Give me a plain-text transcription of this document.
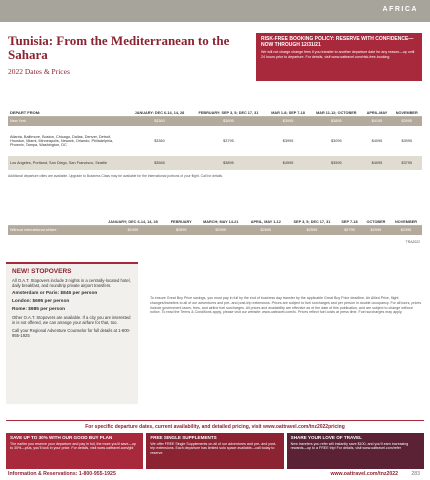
AFRICA
Tunisia: From the Mediterranean to the Sahara
2022 Dates & Prices
RISK-FREE BOOKING POLICY: RESERVE WITH CONFIDENCE—NOW THROUGH 12/31/21
We will not charge change fees if you transfer to another departure date for any reason—up until 24 hours prior to departure. For details, visit www.oattravel.com/risk-free-booking
DEPART FROM:	JANUARY: DEC 6-14, 14, 28	FEBRUARY: SEP 3, 5; DEC 17, 31	MAR 1-8; SEP 7-18	MAR 11-12; OCTOBER	APRIL-MAY	NOVEMBER
New York	$3360	$3695	$3995	$3895	$4195	$3995
Atlanta, Baltimore, Boston, Chicago, Dallas, Denver, Detroit, Houston, Miami, Minneapolis, Newark, Orlando, Philadelphia, Phoenix, Tampa, Washington, DC	$3360	$3795	$3995	$3095	$4095	$3995
Los Angeles, Portland, San Diego, San Francisco, Seattle	$3565	$3895	$4595	$3595	$4095	$3795
Additional departure cities are available. Upgrade to Business Class may be available for the international portions of your flight. Call for details.
	JANUARY; DEC 6-14, 14, 28	FEBRUARY	MARCH; MAY 14-21	APRIL, MAY 1-12	SEP 3, 5; DEC 17, 31	SEP 7-18	OCTOBER	NOVEMBER
Without international airfare	$2495	$2895	$2995	$2695	$2595	$2795	$2995	$2395
TRA2022
NEW! STOPOVERS

All O.A.T. Stopovers include 3 nights in a centrally-located hotel, daily breakfast, and roundtrip private airport transfers.

Amsterdam or Paris: $845 per person

London: $695 per person

Rome: $985 per person

Other O.A.T. Stopovers are available. If a city you are interested in is not offered, we can arrange your airfare for that, too.

Call your Regional Adventure Counselor for full details at 1-800-955-1925

To ensure Great Buy Price savings, you must pay in full by the end of business day transfer by the applicable Great Buy Price deadline. Air Allied Price, flight changes/transfers to all of our adventures and pre- and post-trip extensions. Prices are subject to fuel surcharges and per person in double occupancy. For all tours, prices include government taxes, fees, and airline fuel surcharges. All prices and availability are effective as of the date of this publication, and are subject to change without notice. To read the Terms & Conditions apply, please visit our website: www.oattravel.com/tc. Prices reflect fuel costs at press time. Fuel surcharges may apply.
For specific departure dates, current availability, and detailed pricing, visit www.oattravel.com/tnz2022pricing
Information & Reservations: 1-800-955-1925	www.oattravel.com/tnz2022	283
SAVE UP TO 30% WITH OUR GOOD BUY PLAN
The earlier you reserve your departure and pay in full, the more you'll save—up to 30%—plus, you'll lock in your price. For details, visit www.oattravel.com/gbl
FREE SINGLE SUPPLEMENTS
We offer FREE Single Supplements on all of our adventures and pre- and post-trip extensions. Each departure has limited solo space available—call today to reserve.
SHARE YOUR LOVE OF TRAVEL
New travelers you refer will instantly save $100, and you'll earn increasing rewards—up to a FREE trip! For details, visit www.oattravel.com/refer
